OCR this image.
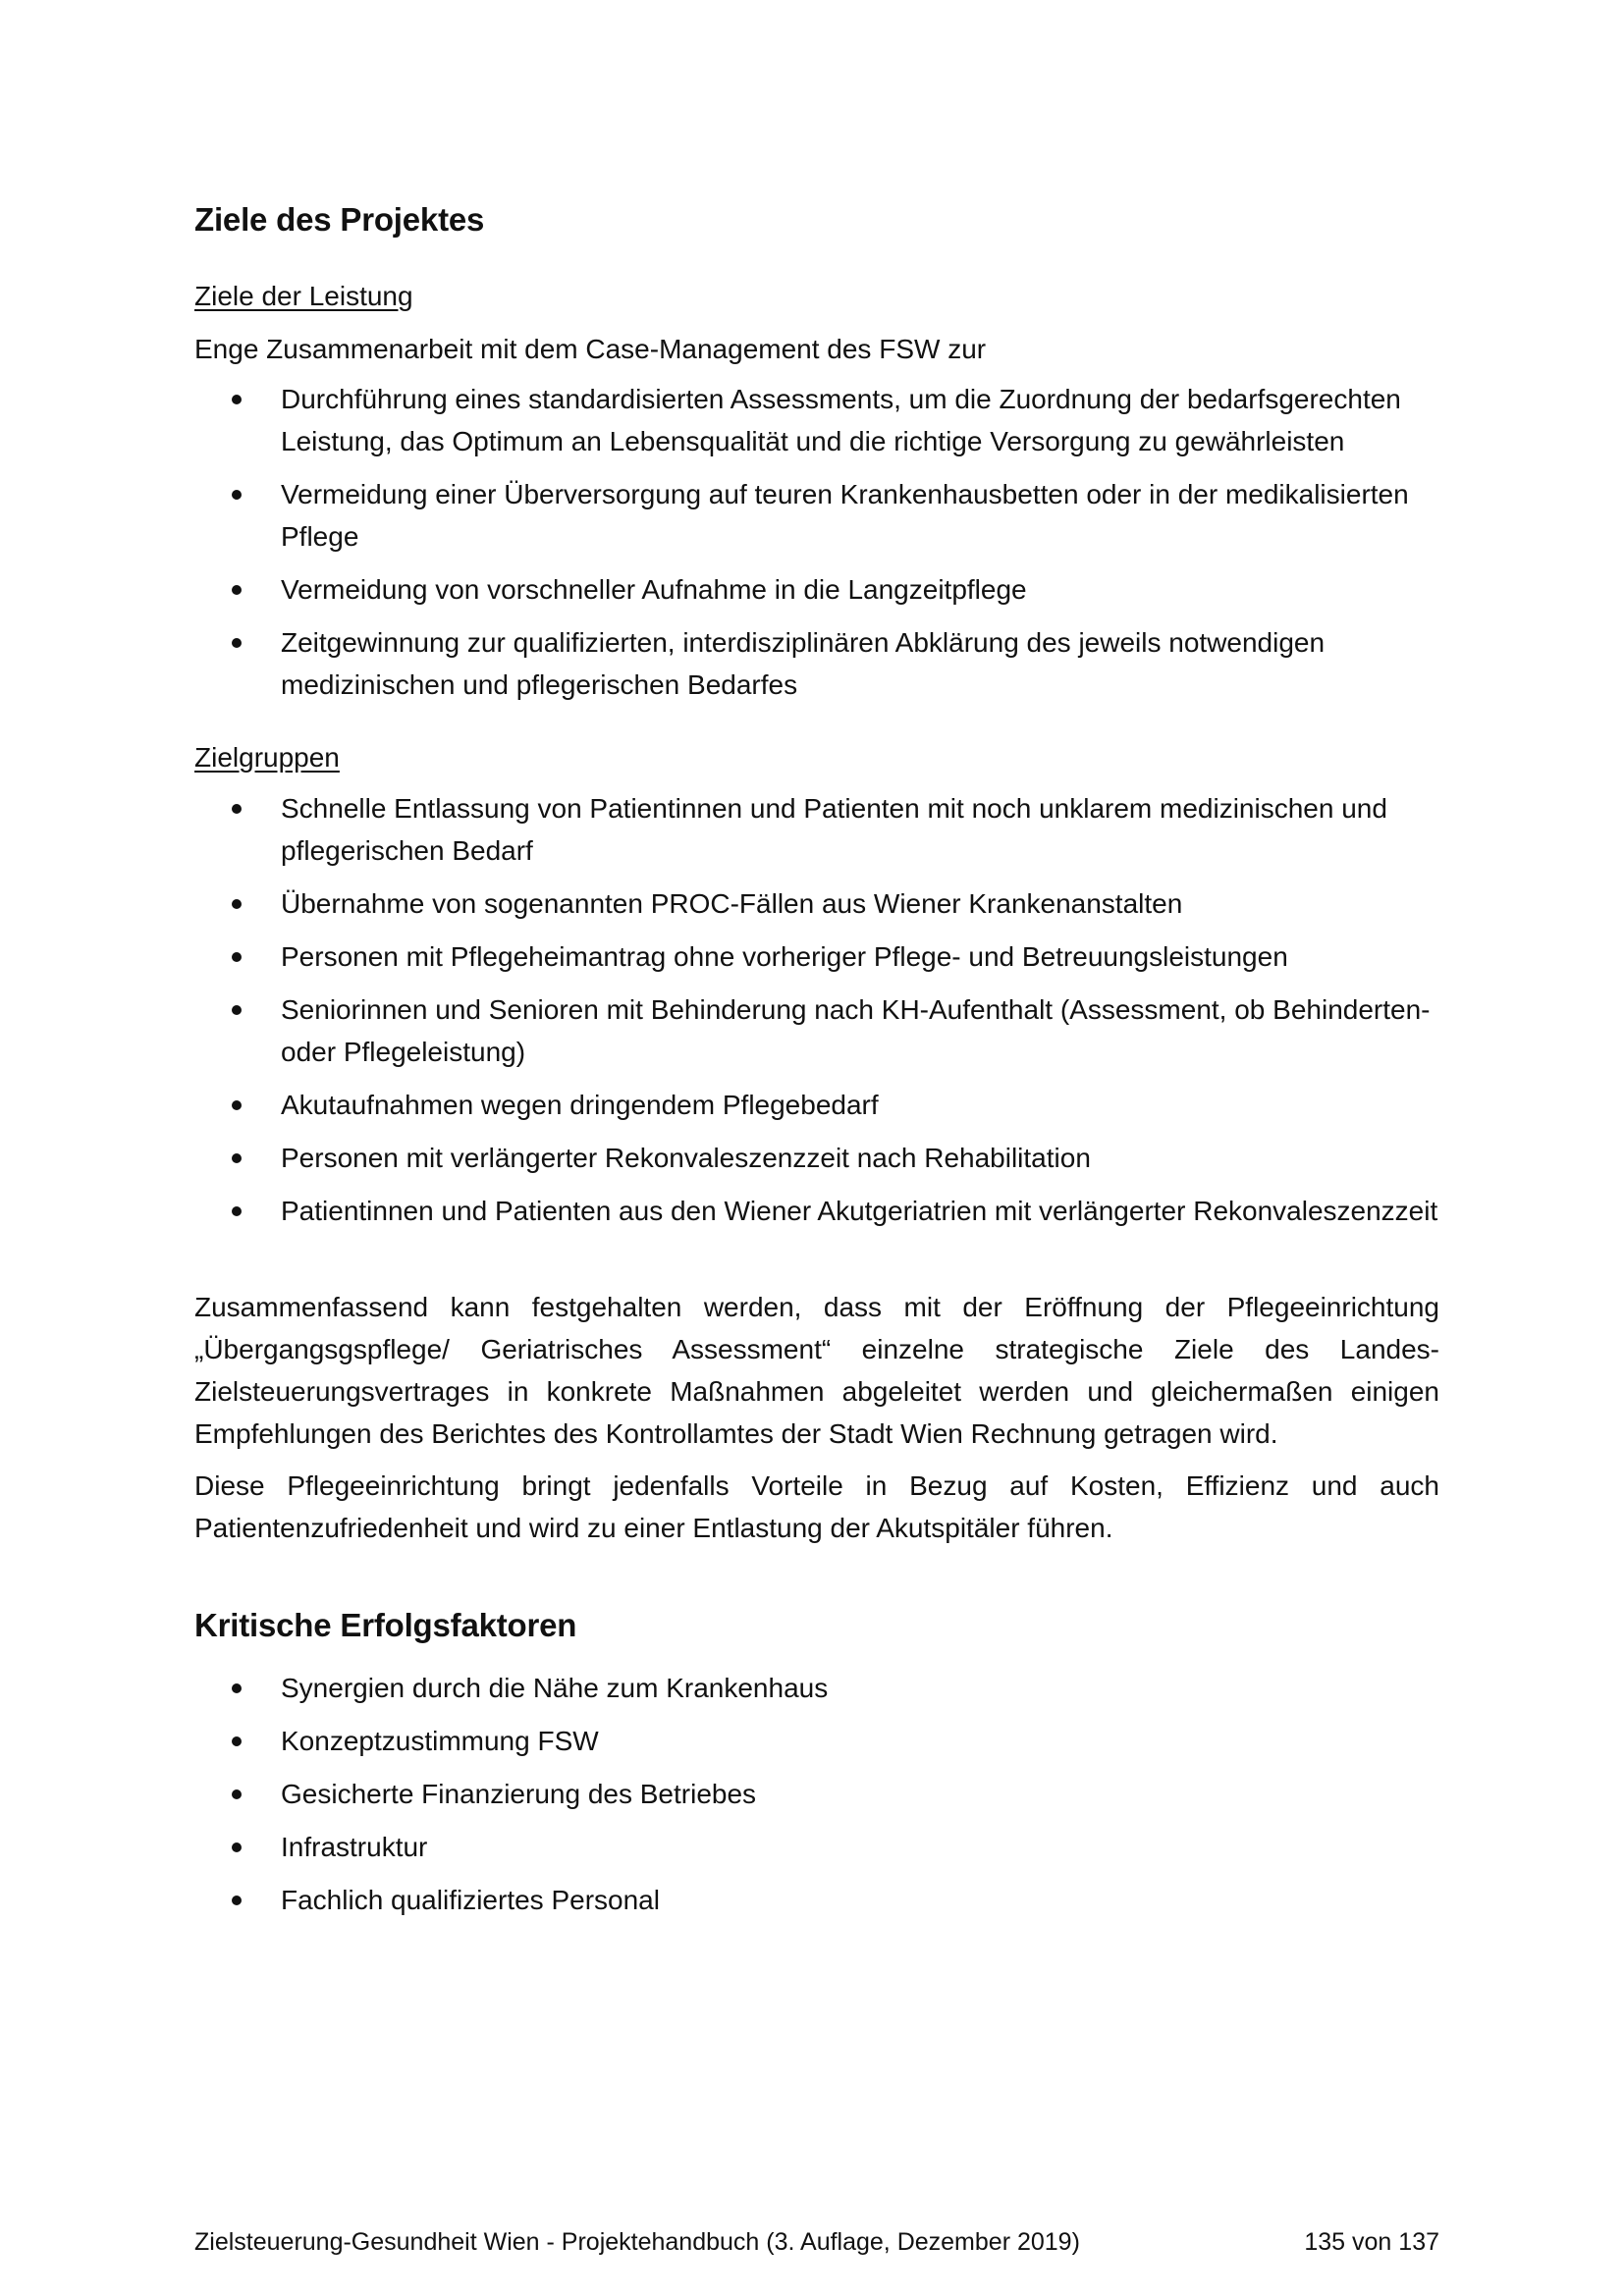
Ziele des Projektes
Ziele der Leistung

Enge Zusammenarbeit mit dem Case-Management des FSW zur

Durchführung eines standardisierten Assessments, um die Zuordnung der bedarfsgerechten Leistung, das Optimum an Lebensqualität und die richtige Versorgung zu gewährleisten
Vermeidung einer Überversorgung auf teuren Krankenhausbetten oder in der medikalisierten Pflege
Vermeidung von vorschneller Aufnahme in die Langzeitpflege
Zeitgewinnung zur qualifizierten, interdisziplinären Abklärung des jeweils notwendigen medizinischen und pflegerischen Bedarfes
Zielgruppen
Schnelle Entlassung von Patientinnen und Patienten mit noch unklarem medizinischen und pflegerischen Bedarf
Übernahme von sogenannten PROC-Fällen aus Wiener Krankenanstalten
Personen mit Pflegeheimantrag ohne vorheriger Pflege- und Betreuungsleistungen
Seniorinnen und Senioren mit Behinderung nach KH-Aufenthalt (Assessment, ob Behinderten- oder Pflegeleistung)
Akutaufnahmen wegen dringendem Pflegebedarf
Personen mit verlängerter Rekonvaleszenzzeit nach Rehabilitation
Patientinnen und Patienten aus den Wiener Akutgeriatrien mit verlängerter Rekonvaleszenzzeit

Zusammenfassend kann festgehalten werden, dass mit der Eröffnung der Pflegeeinrichtung „Übergangsgspflege/ Geriatrisches Assessment“ einzelne strategische Ziele des Landes-Zielsteuerungsvertrages in konkrete Maßnahmen abgeleitet werden und gleichermaßen einigen Empfehlungen des Berichtes des Kontrollamtes der Stadt Wien Rechnung getragen wird.

Diese Pflegeeinrichtung bringt jedenfalls Vorteile in Bezug auf Kosten, Effizienz und auch Patientenzufriedenheit und wird zu einer Entlastung der Akutspitäler führen.

Kritische Erfolgsfaktoren
Synergien durch die Nähe zum Krankenhaus
Konzeptzustimmung FSW
Gesicherte Finanzierung des Betriebes
Infrastruktur
Fachlich qualifiziertes Personal
Zielsteuerung-Gesundheit Wien - Projektehandbuch (3. Auflage, Dezember 2019)	135 von 137
